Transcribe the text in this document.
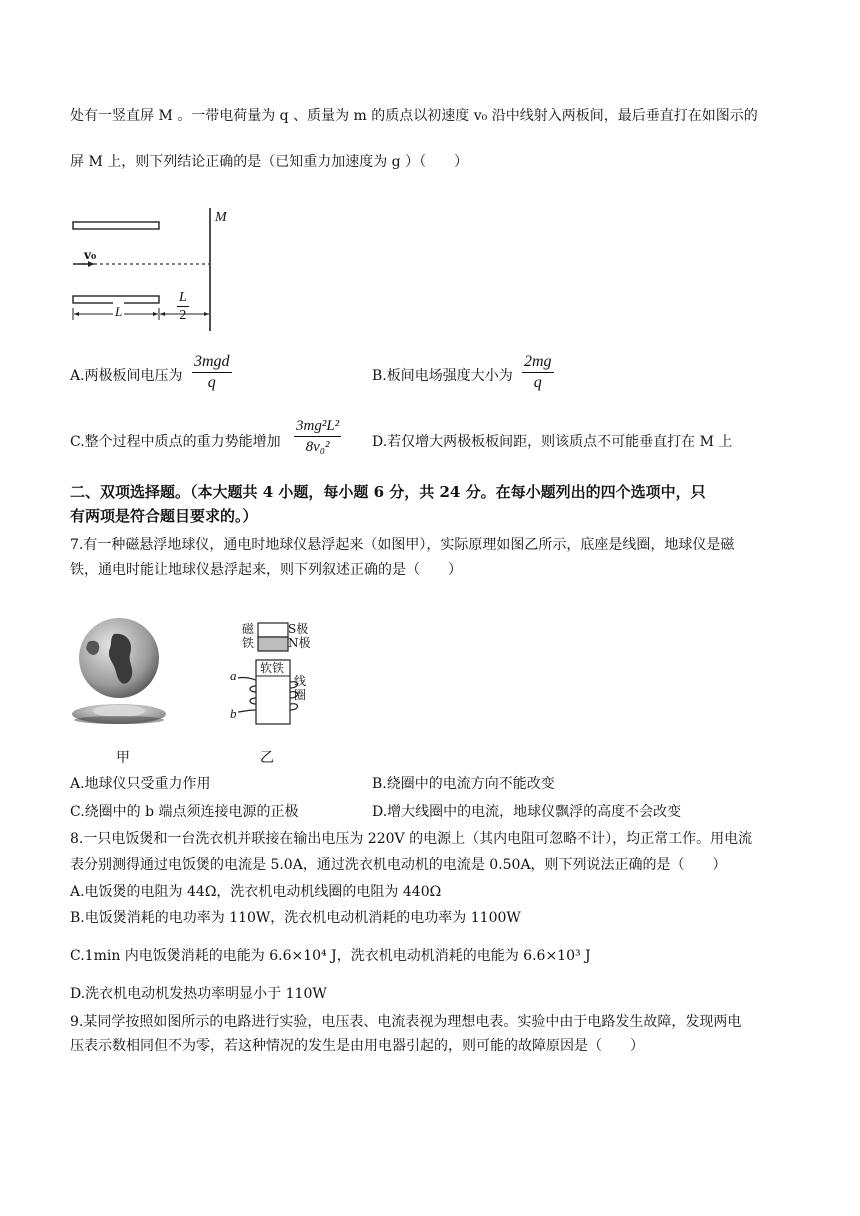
处有一竖直屏 M 。一带电荷量为 q 、质量为 m 的质点以初速度 v₀ 沿中线射入两板间，最后垂直打在如图示的
屏 M 上，则下列结论正确的是（已知重力加速度为 g ）（　　）
M
v₀
L	$\frac{L}{2}$
A.两极板间电压为
3mgd
q	B.板间电场强度大小为 $\frac{2mg}{q}$
C.整个过程中质点的重力势能增加 $\frac{\text{3mg²L²}}{\text{8v₀²}} D$.若仅增大两极板板间距，则该质点不可能垂直打在 M 上
二、双项选择题。（本大题共 4 小题，每小题 6 分，共 24 分。在每小题列出的四个选项中，只
有两项是符合题目要求的。）
7.有一种磁悬浮地球仪，通电时地球仪悬浮起来（如图甲），实际原理如图乙所示，底座是线圈，地球仪是磁
铁，通电时能让地球仪悬浮起来，则下列叙述正确的是（　　）
磁
铁
S极
N极
软铁
线
圈
a
b
甲	乙
A.地球仪只受重力作用	B.绕圈中的电流方向不能改变
C.绕圈中的 b 端点须连接电源的正极	D.增大线圈中的电流，地球仪飘浮的高度不会改变
8.一只电饭煲和一台洗衣机并联接在输出电压为 220V 的电源上（其内电阻可忽略不计），均正常工作。用电流
表分别测得通过电饭煲的电流是 5.0A，通过洗衣机电动机的电流是 0.50A，则下列说法正确的是（　　）
A.电饭煲的电阻为 44Ω，洗衣机电动机线圈的电阻为 440Ω
B.电饭煲消耗的电功率为 110W，洗衣机电动机消耗的电功率为 1100W
C.1min 内电饭煲消耗的电能为 6.6×10⁴ J，洗衣机电动机消耗的电能为 6.6×10³ J
D.洗衣机电动机发热功率明显小于 110W
9.某同学按照如图所示的电路进行实验，电压表、电流表视为理想电表。实验中由于电路发生故障，发现两电
压表示数相同但不为零，若这种情况的发生是由用电器引起的，则可能的故障原因是（　　）
